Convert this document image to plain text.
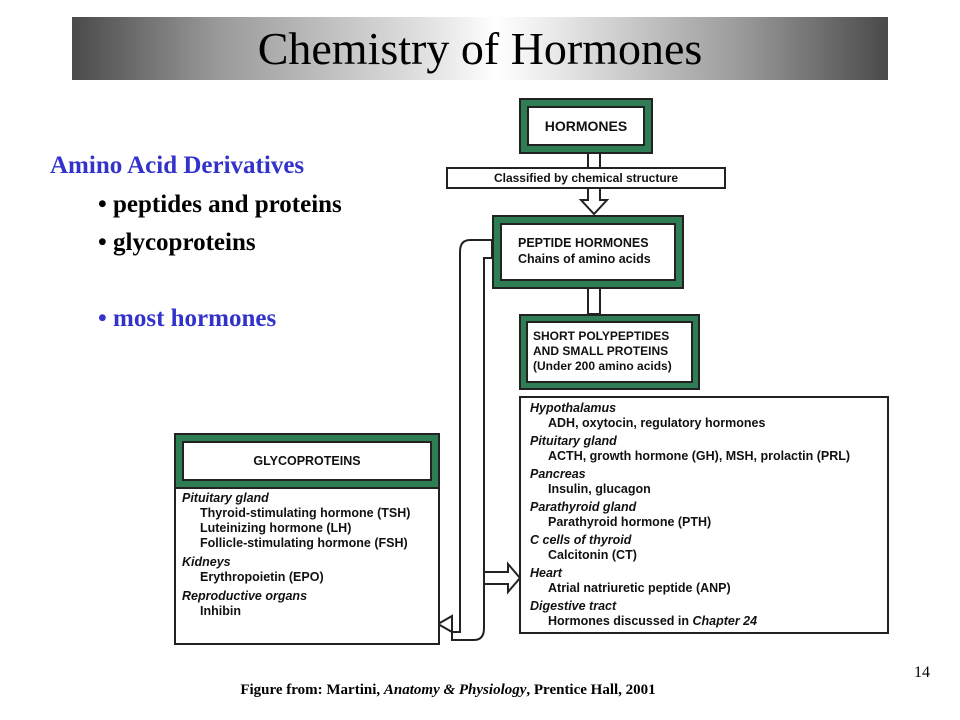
Chemistry of Hormones
Amino Acid Derivatives
• peptides and proteins
• glycoproteins
• most hormones
HORMONES
Classified by chemical structure
PEPTIDE HORMONES
Chains of amino acids
SHORT POLYPEPTIDES
AND SMALL PROTEINS
(Under 200 amino acids)
Hypothalamus
ADH, oxytocin, regulatory hormones
Pituitary gland
ACTH, growth hormone (GH), MSH, prolactin (PRL)
Pancreas
Insulin, glucagon
Parathyroid gland
Parathyroid hormone (PTH)
C cells of thyroid
Calcitonin (CT)
Heart
Atrial natriuretic peptide (ANP)
Digestive tract
Hormones discussed in Chapter 24
GLYCOPROTEINS
Pituitary gland
Thyroid-stimulating hormone (TSH)
Luteinizing hormone (LH)
Follicle-stimulating hormone (FSH)
Kidneys
Erythropoietin (EPO)
Reproductive organs
Inhibin
14
Figure from: Martini, Anatomy & Physiology, Prentice Hall, 2001
